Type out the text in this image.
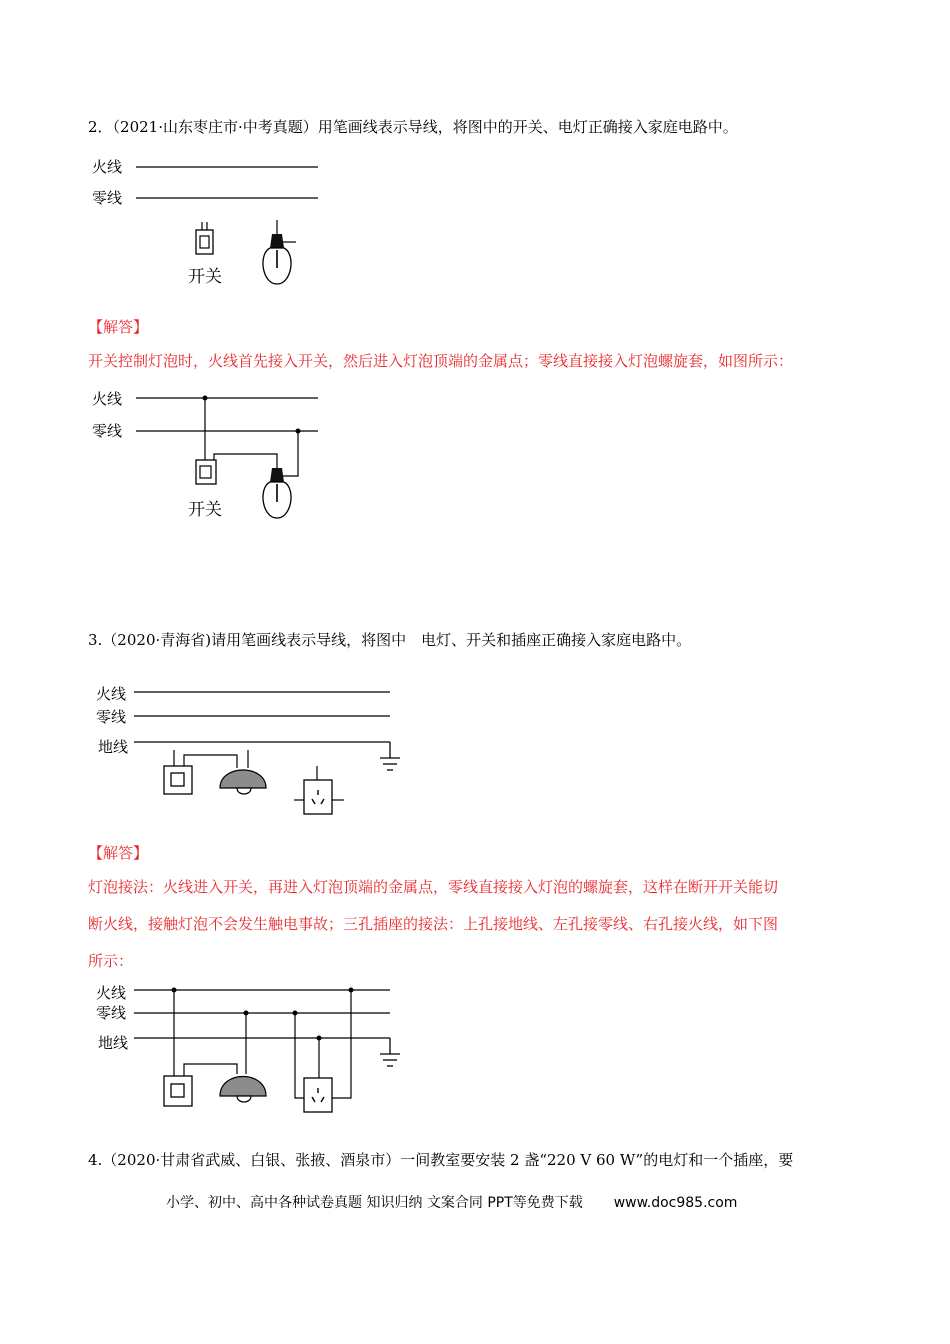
2．（2021·山东枣庄市·中考真题）用笔画线表示导线，将图中的开关、电灯正确接入家庭电路中。
火线
零线
开关
【解答】
开关控制灯泡时，火线首先接入开关，然后进入灯泡顶端的金属点；零线直接接入灯泡螺旋套，如图所示：
火线
零线
开关
3.（2020·青海省)请用笔画线表示导线，将图中　电灯、开关和插座正确接入家庭电路中。
火线
零线
地线
【解答】
灯泡接法：火线进入开关，再进入灯泡顶端的金属点，零线直接接入灯泡的螺旋套，这样在断开开关能切
断火线，接触灯泡不会发生触电事故；三孔插座的接法：上孔接地线、左孔接零线、右孔接火线，如下图
所示：
火线
零线
地线
4.（2020·甘肃省武威、白银、张掖、酒泉市）一间教室要安装 2 盏“220 V 60 W”的电灯和一个插座，要
小学、初中、高中各种试卷真题 知识归纳 文案合同 PPT等免费下载 www.doc985.com
